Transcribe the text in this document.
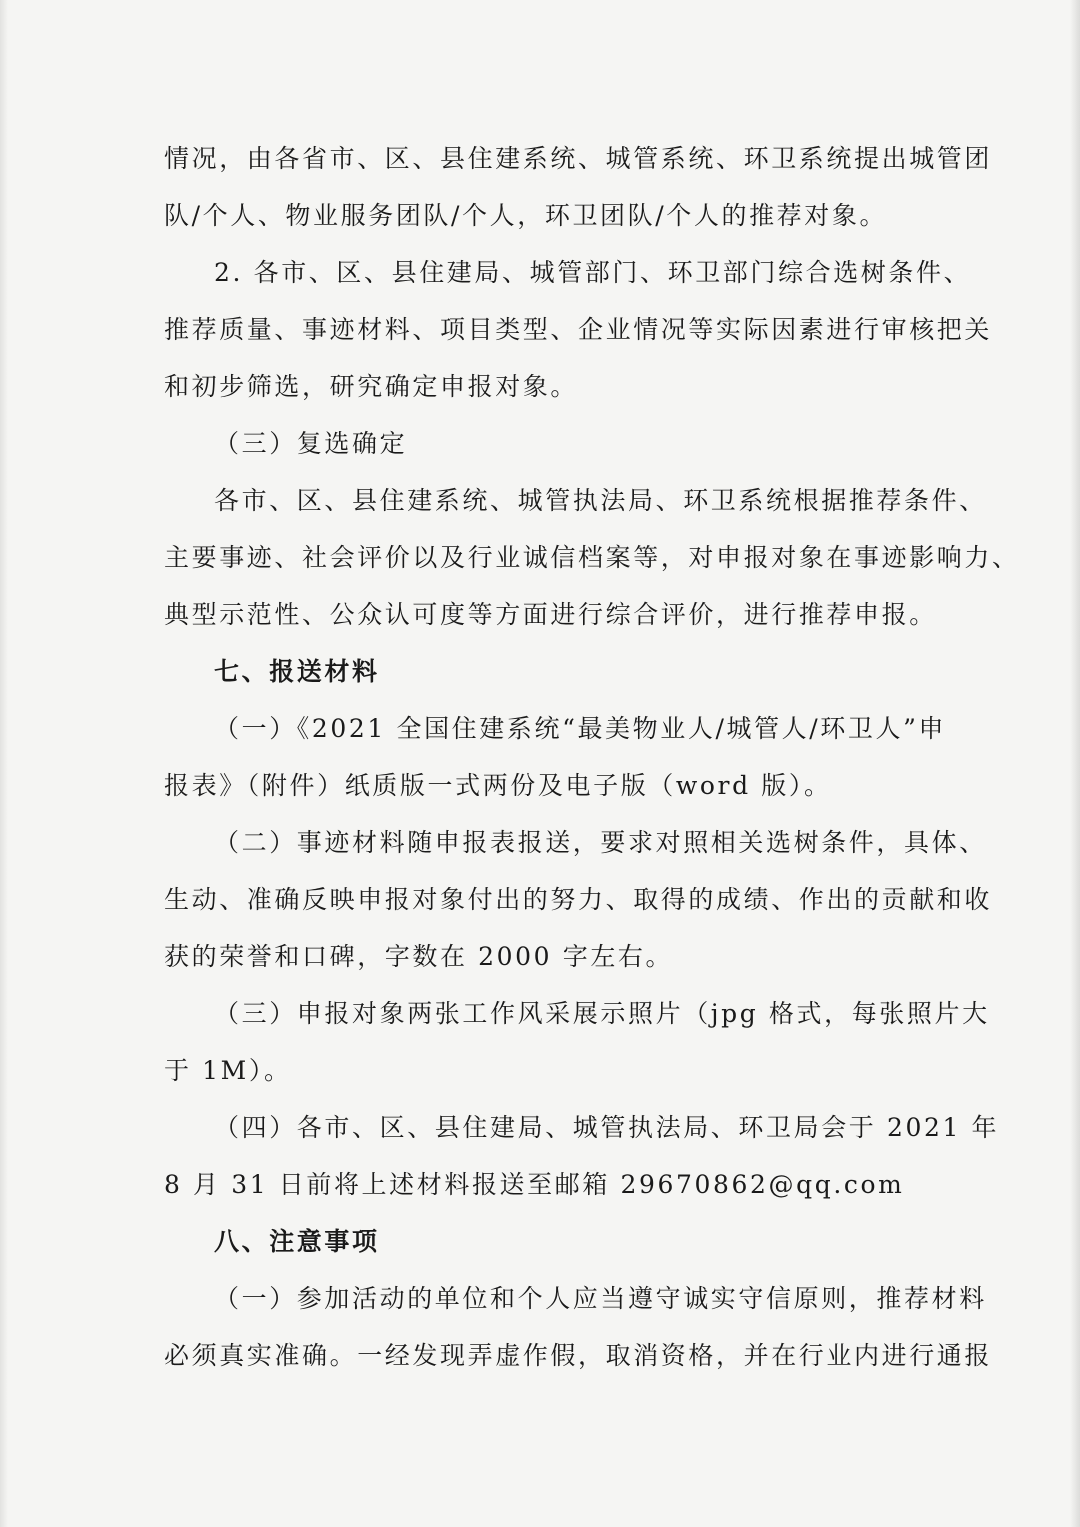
情况，由各省市、区、县住建系统、城管系统、环卫系统提出城管团
队/个人、物业服务团队/个人，环卫团队/个人的推荐对象。
2. 各市、区、县住建局、城管部门、环卫部门综合选树条件、
推荐质量、事迹材料、项目类型、企业情况等实际因素进行审核把关
和初步筛选，研究确定申报对象。
（三）复选确定
各市、区、县住建系统、城管执法局、环卫系统根据推荐条件、
主要事迹、社会评价以及行业诚信档案等，对申报对象在事迹影响力、
典型示范性、公众认可度等方面进行综合评价，进行推荐申报。
七、报送材料
（一）《2021 全国住建系统“最美物业人/城管人/环卫人”申
报表》（附件）纸质版一式两份及电子版（word 版）。
（二）事迹材料随申报表报送，要求对照相关选树条件，具体、
生动、准确反映申报对象付出的努力、取得的成绩、作出的贡献和收
获的荣誉和口碑，字数在 2000 字左右。
（三）申报对象两张工作风采展示照片（jpg 格式，每张照片大
于 1M）。
（四）各市、区、县住建局、城管执法局、环卫局会于 2021 年
8 月 31 日前将上述材料报送至邮箱 29670862@qq.com
八、注意事项
（一）参加活动的单位和个人应当遵守诚实守信原则，推荐材料
必须真实准确。一经发现弄虚作假，取消资格，并在行业内进行通报
